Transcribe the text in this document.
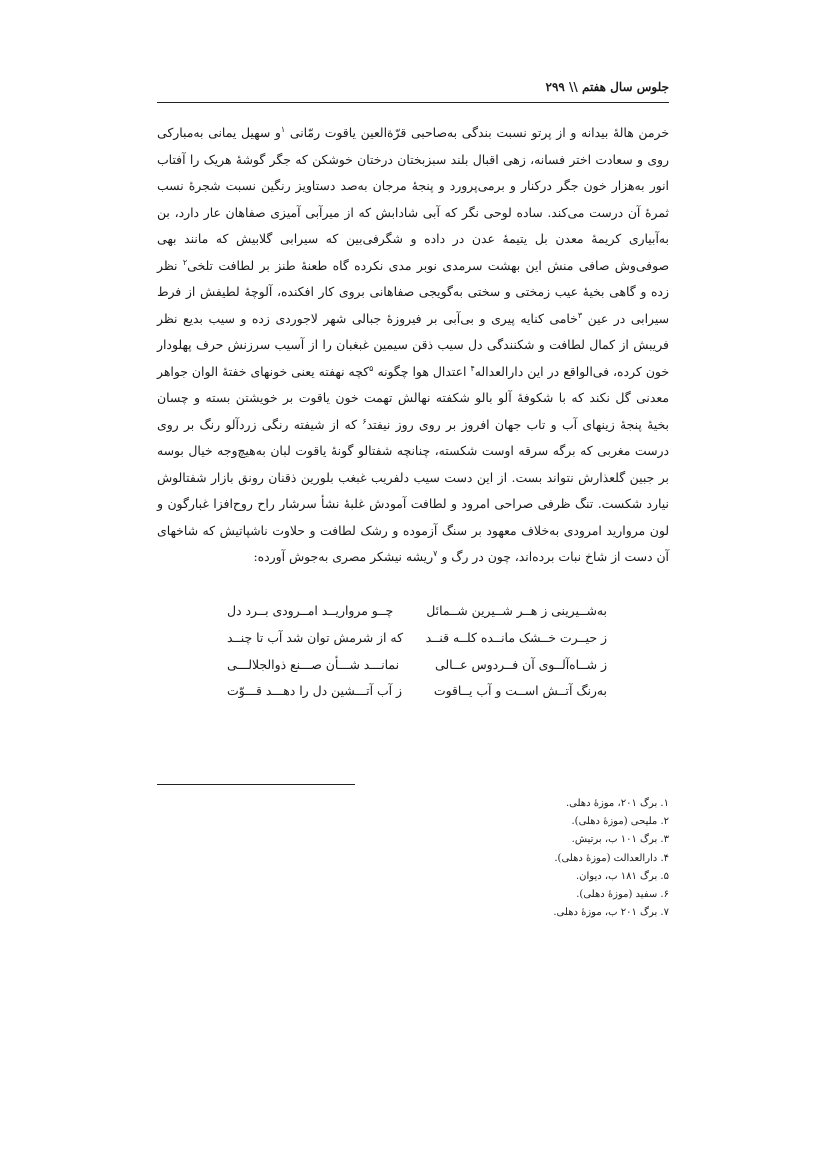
جلوس سال هفتم \\ ۲۹۹

خرمن هالهٔ بیدانه و از پرتو نسبت بندگی به‌صاحبی قرّةالعین یاقوت رمّانی $^۱$و سهیل یمانی به‌مبارکی روی و سعادت اختر فسانه، زهی اقبال بلند سبزبختان درختان خوشکن که جگر گوشهٔ هریک را آفتاب انور به‌هزار خون جگر درکنار و برمی‌پرورد و پنجهٔ مرجان به‌صد دستاویز رنگین نسبت شجرهٔ نسب ثمرهٔ آن درست می‌کند. ساده لوحی نگر که آبی شادابش که از میرآبی آمیزی صفاهان عار دارد، بن به‌آبیاری کریمهٔ معدن بل یتیمهٔ عدن در داده و شگرفی‌بین که سیرابی گلابیش که مانند بهی صوفی‌وش صافی منش این بهشت سرمدی نوبر مدی نکرده گاه طعنهٔ طنز بر لطافت تلخی$^۲$ نظر زده و گاهی بخیهٔ عیب زمختی و سختی به‌گویجی صفاهانی بروی کار افکنده، آلوچهٔ لطیفش از فرط سیرابی در عین $^۳$خامی کنایه پیری و بی‌آبی بر فیروزهٔ جبالی شهر لاجوردی زده و سیب بدیع نظر فریبش از کمال لطافت و شکنندگی دل سیب ذقن سیمین غبغبان را از آسیب سرزنش حرف پهلودار خون کرده، فی‌الواقع در این دارالعداله$^۴$ اعتدال هوا چگونه $^۵$کچه نهفته یعنی خونهای خفتهٔ الوان جواهر معدنی گل نکند که با شکوفهٔ آلو بالو شکفته نهالش تهمت خون یاقوت بر خویشتن بسته و چسان بخیهٔ پنجهٔ زینهای آب و تاب جهان افروز بر روی روز نیفتد$^۶$ که از شیفته رنگی زردآلو رنگ بر روی درست مغربی که برگه سرقه اوست شکسته، چنانچه شفتالو گونهٔ یاقوت لبان به‌هیچ‌وجه خیال بوسه بر جبین گلعذارش نتواند بست. از این دست سیب دلفریب غبغب بلورین ذقنان رونق بازار شفتالوش نیارد شکست. تنگ ظرفی صراحی امرود و لطافت آمودش غلبهٔ نشأ سرشار راح روح‌افزا غبارگون و لون مروارید امرودی به‌خلاف معهود بر سنگ آزموده و رشک لطافت و حلاوت ناشپاتیش که شاخهای آن دست از شاخ نبات برده‌اند، چون در رگ و $^۷$ریشه نیشکر مصری به‌جوش آورده:

به‌شــیرینی ز هــر شــیرین شــمائل
چــو مرواریــد امــرودی بــرد دل
ز حیــرت خــشک مانــده کلــه قنــد
که از شرمش توان شد آب تا چنــد
ز شــاه‌آلــوی آن فــردوس عــالی
نمانـــد شـــأن صـــنع ذوالجلالـــی
به‌رنگ آتــش اســت و آب یــاقوت
ز آب آتـــشین دل را دهـــد قـــوّت
۱. برگ ۲۰۱، موزهٔ دهلی.
۲. ملیحی (موزهٔ دهلی).
۳. برگ ۱۰۱ ب، برتیش.
۴. دارالعدالت (موزهٔ دهلی).
۵. برگ ۱۸۱ ب، دیوان.
۶. سفید (موزهٔ دهلی).
۷. برگ ۲۰۱ ب، موزهٔ دهلی.
